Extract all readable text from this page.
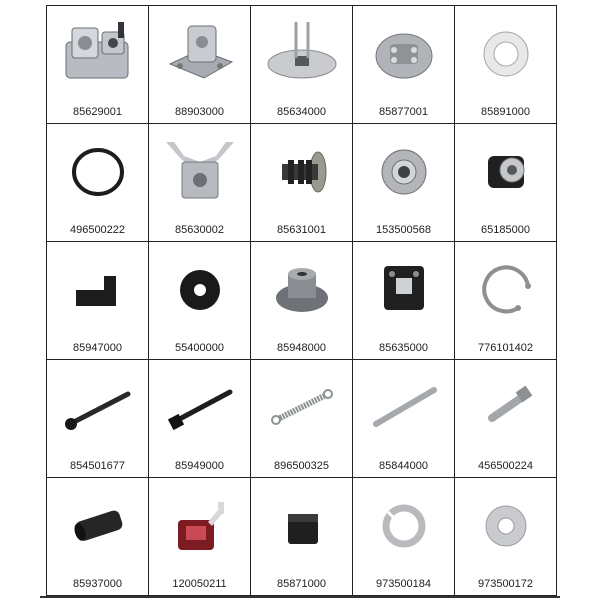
85629001	88903000	85634000	85877001	85891000
496500222	85630002	85631001	153500568	65185000
85947000	55400000	85948000	85635000	776101402
854501677	85949000	896500325	85844000	456500224
85937000	120050211	85871000	973500184	973500172
